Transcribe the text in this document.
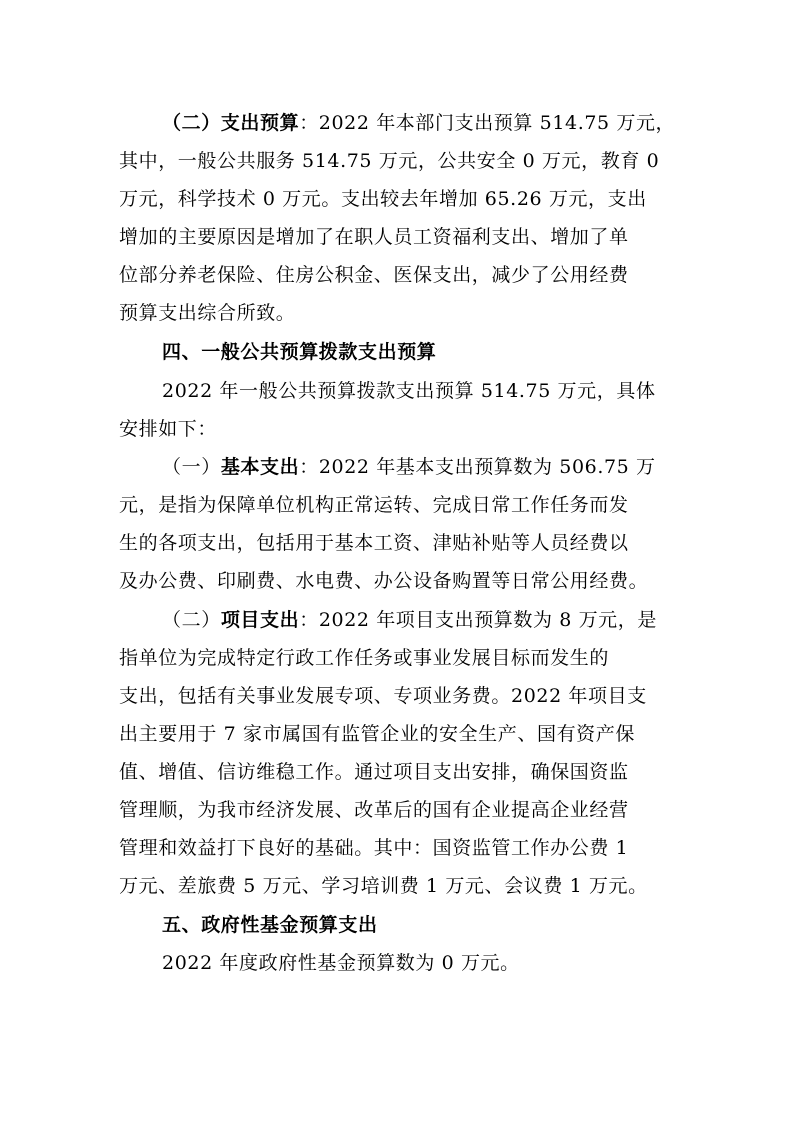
（二）支出预算：2022 年本部门支出预算 514.75 万元，
其中，一般公共服务 514.75 万元，公共安全 0 万元，教育 0
万元，科学技术 0 万元。支出较去年增加 65.26 万元，支出
增加的主要原因是增加了在职人员工资福利支出、增加了单
位部分养老保险、住房公积金、医保支出，减少了公用经费
预算支出综合所致。
四、一般公共预算拨款支出预算
2022 年一般公共预算拨款支出预算 514.75 万元，具体
安排如下：
（一）基本支出：2022 年基本支出预算数为 506.75 万
元，是指为保障单位机构正常运转、完成日常工作任务而发
生的各项支出，包括用于基本工资、津贴补贴等人员经费以
及办公费、印刷费、水电费、办公设备购置等日常公用经费。
（二）项目支出：2022 年项目支出预算数为 8 万元，是
指单位为完成特定行政工作任务或事业发展目标而发生的
支出，包括有关事业发展专项、专项业务费。2022 年项目支
出主要用于 7 家市属国有监管企业的安全生产、国有资产保
值、增值、信访维稳工作。通过项目支出安排，确保国资监
管理顺，为我市经济发展、改革后的国有企业提高企业经营
管理和效益打下良好的基础。其中：国资监管工作办公费 1
万元、差旅费 5 万元、学习培训费 1 万元、会议费 1 万元。
五、政府性基金预算支出
2022 年度政府性基金预算数为 0 万元。
